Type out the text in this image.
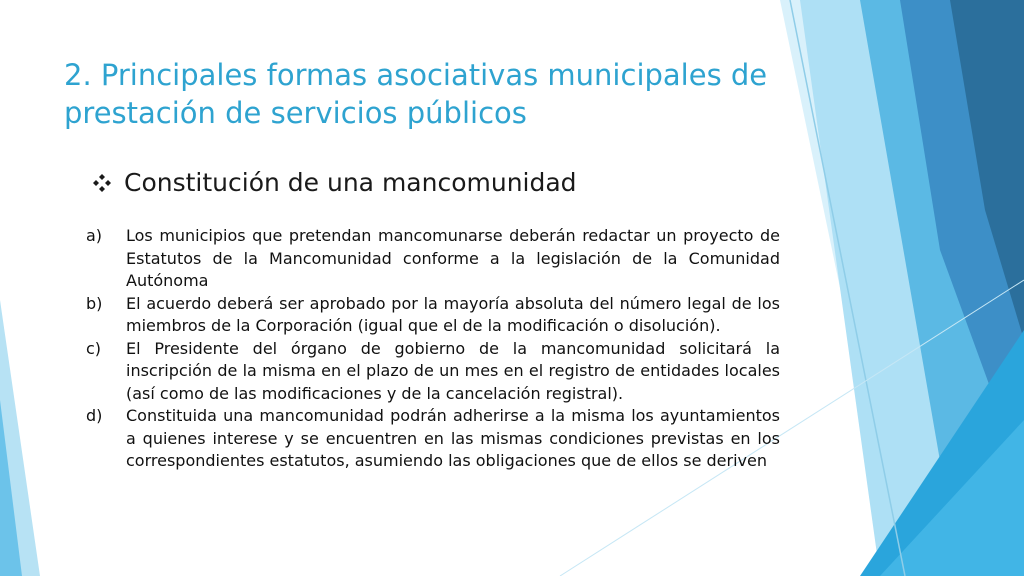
2. Principales formas asociativas municipales de prestación de servicios públicos
Constitución de una mancomunidad
a) Los municipios que pretendan mancomunarse deberán redactar un proyecto de Estatutos de la Mancomunidad conforme a la legislación de la Comunidad Autónoma
b) El acuerdo deberá ser aprobado por la mayoría absoluta del número legal de los miembros de la Corporación (igual que el de la modificación o disolución).
c) El Presidente del órgano de gobierno de la mancomunidad solicitará la inscripción de la misma en el plazo de un mes en el registro de entidades locales (así como de las modificaciones y de la cancelación registral).
d) Constituida una mancomunidad podrán adherirse a la misma los ayuntamientos a quienes interese y se encuentren en las mismas condiciones previstas en los correspondientes estatutos, asumiendo las obligaciones que de ellos se deriven
